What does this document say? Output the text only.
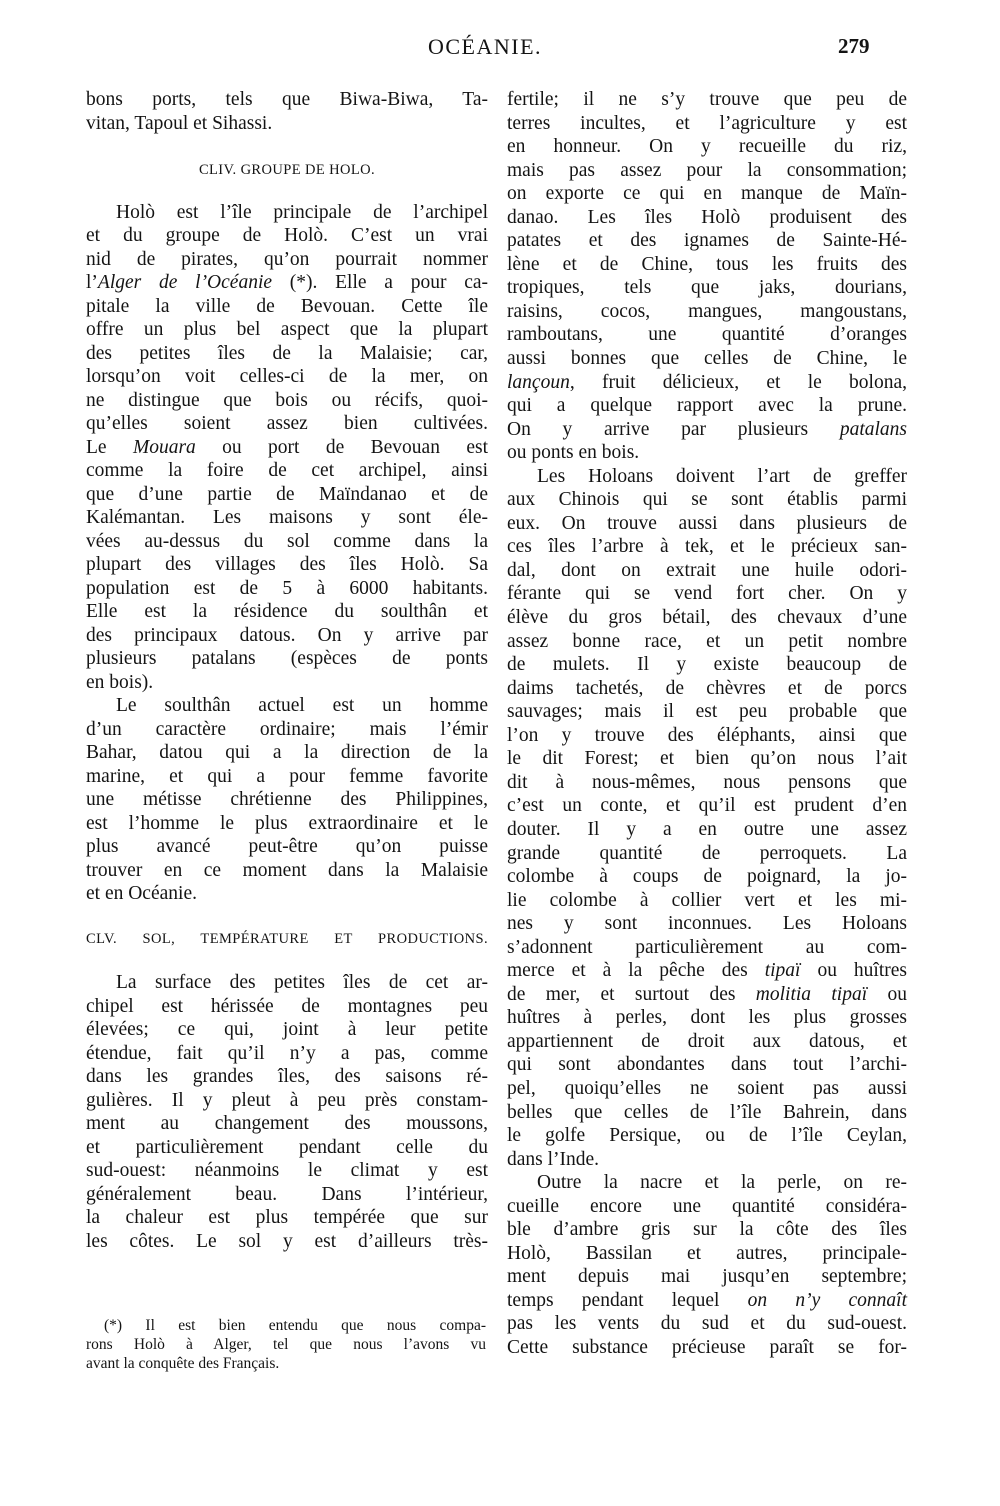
OCÉANIE.	279
bons ports, tels que Biwa-Biwa, Ta-
vitan, Tapoul et Sihassi.
CLIV. GROUPE DE HOLO.
Holò est l’île principale de l’archipel
et du groupe de Holò. C’est un vrai
nid de pirates, qu’on pourrait nommer
l’Alger de l’Océanie (*). Elle a pour ca-
pitale la ville de Bevouan. Cette île
offre un plus bel aspect que la plupart
des petites îles de la Malaisie; car,
lorsqu’on voit celles-ci de la mer, on
ne distingue que bois ou récifs, quoi-
qu’elles soient assez bien cultivées.
Le Mouara ou port de Bevouan est
comme la foire de cet archipel, ainsi
que d’une partie de Maïndanao et de
Kalémantan. Les maisons y sont éle-
vées au-dessus du sol comme dans la
plupart des villages des îles Holò. Sa
population est de 5 à 6000 habitants.
Elle est la résidence du soulthân et
des principaux datous. On y arrive par
plusieurs patalans (espèces de ponts
en bois).
Le soulthân actuel est un homme
d’un caractère ordinaire; mais l’émir
Bahar, datou qui a la direction de la
marine, et qui a pour femme favorite
une métisse chrétienne des Philippines,
est l’homme le plus extraordinaire et le
plus avancé peut-être qu’on puisse
trouver en ce moment dans la Malaisie
et en Océanie.
CLV. SOL, TEMPÉRATURE ET PRODUCTIONS.
La surface des petites îles de cet ar-
chipel est hérissée de montagnes peu
élevées; ce qui, joint à leur petite
étendue, fait qu’il n’y a pas, comme
dans les grandes îles, des saisons ré-
gulières. Il y pleut à peu près constam-
ment au changement des moussons,
et particulièrement pendant celle du
sud-ouest: néanmoins le climat y est
généralement beau. Dans l’intérieur,
la chaleur est plus tempérée que sur
les côtes. Le sol y est d’ailleurs très-
fertile; il ne s’y trouve que peu de
terres incultes, et l’agriculture y est
en honneur. On y recueille du riz,
mais pas assez pour la consommation;
on exporte ce qui en manque de Maïn-
danao. Les îles Holò produisent des
patates et des ignames de Sainte-Hé-
lène et de Chine, tous les fruits des
tropiques, tels que jaks, dourians,
raisins, cocos, mangues, mangoustans,
ramboutans, une quantité d’oranges
aussi bonnes que celles de Chine, le
lançoun, fruit délicieux, et le bolona,
qui a quelque rapport avec la prune.
On y arrive par plusieurs patalans
ou ponts en bois.
Les Holoans doivent l’art de greffer
aux Chinois qui se sont établis parmi
eux. On trouve aussi dans plusieurs de
ces îles l’arbre à tek, et le précieux san-
dal, dont on extrait une huile odori-
férante qui se vend fort cher. On y
élève du gros bétail, des chevaux d’une
assez bonne race, et un petit nombre
de mulets. Il y existe beaucoup de
daims tachetés, de chèvres et de porcs
sauvages; mais il est peu probable que
l’on y trouve des éléphants, ainsi que
le dit Forest; et bien qu’on nous l’ait
dit à nous-mêmes, nous pensons que
c’est un conte, et qu’il est prudent d’en
douter. Il y a en outre une assez
grande quantité de perroquets. La
colombe à coups de poignard, la jo-
lie colombe à collier vert et les mi-
nes y sont inconnues. Les Holoans
s’adonnent particulièrement au com-
merce et à la pêche des tipaï ou huîtres
de mer, et surtout des molitia tipaï ou
huîtres à perles, dont les plus grosses
appartiennent de droit aux datous, et
qui sont abondantes dans tout l’archi-
pel, quoiqu’elles ne soient pas aussi
belles que celles de l’île Bahrein, dans
le golfe Persique, ou de l’île Ceylan,
dans l’Inde.
Outre la nacre et la perle, on re-
cueille encore une quantité considéra-
ble d’ambre gris sur la côte des îles
Holò, Bassilan et autres, principale-
ment depuis mai jusqu’en septembre;
temps pendant lequel on n’y connaît
pas les vents du sud et du sud-ouest.
Cette substance précieuse paraît se for-
(*) Il est bien entendu que nous compa-
rons Holò à Alger, tel que nous l’avons vu
avant la conquête des Français.
